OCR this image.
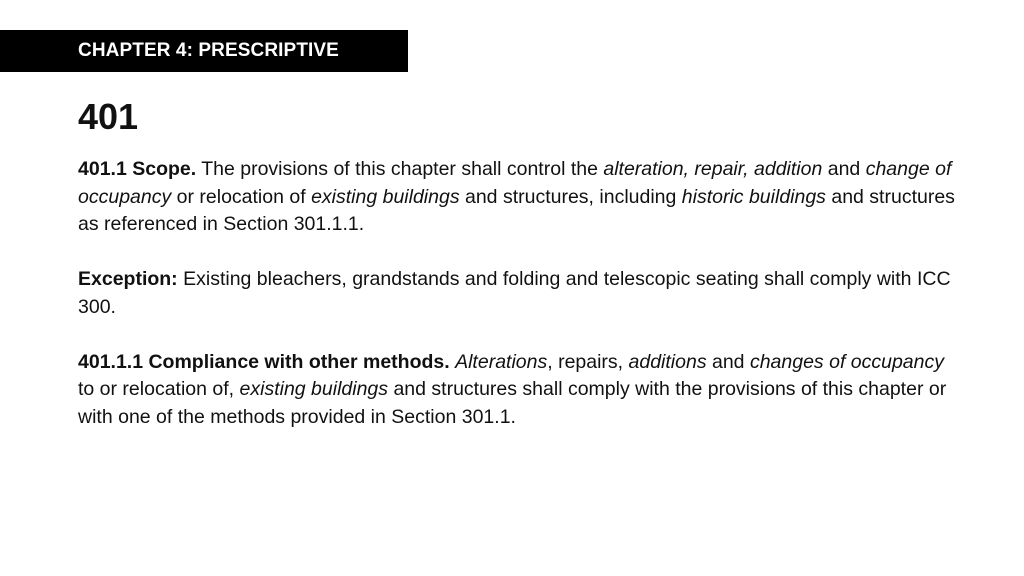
CHAPTER 4: PRESCRIPTIVE
401

401.1 Scope. The provisions of this chapter shall control the alteration, repair, addition and change of occupancy or relocation of existing buildings and structures, including historic buildings and structures as referenced in Section 301.1.1.

Exception: Existing bleachers, grandstands and folding and telescopic seating shall comply with ICC 300.

401.1.1 Compliance with other methods. Alterations, repairs, additions and changes of occupancy to or relocation of, existing buildings and structures shall comply with the provisions of this chapter or with one of the methods provided in Section 301.1.
